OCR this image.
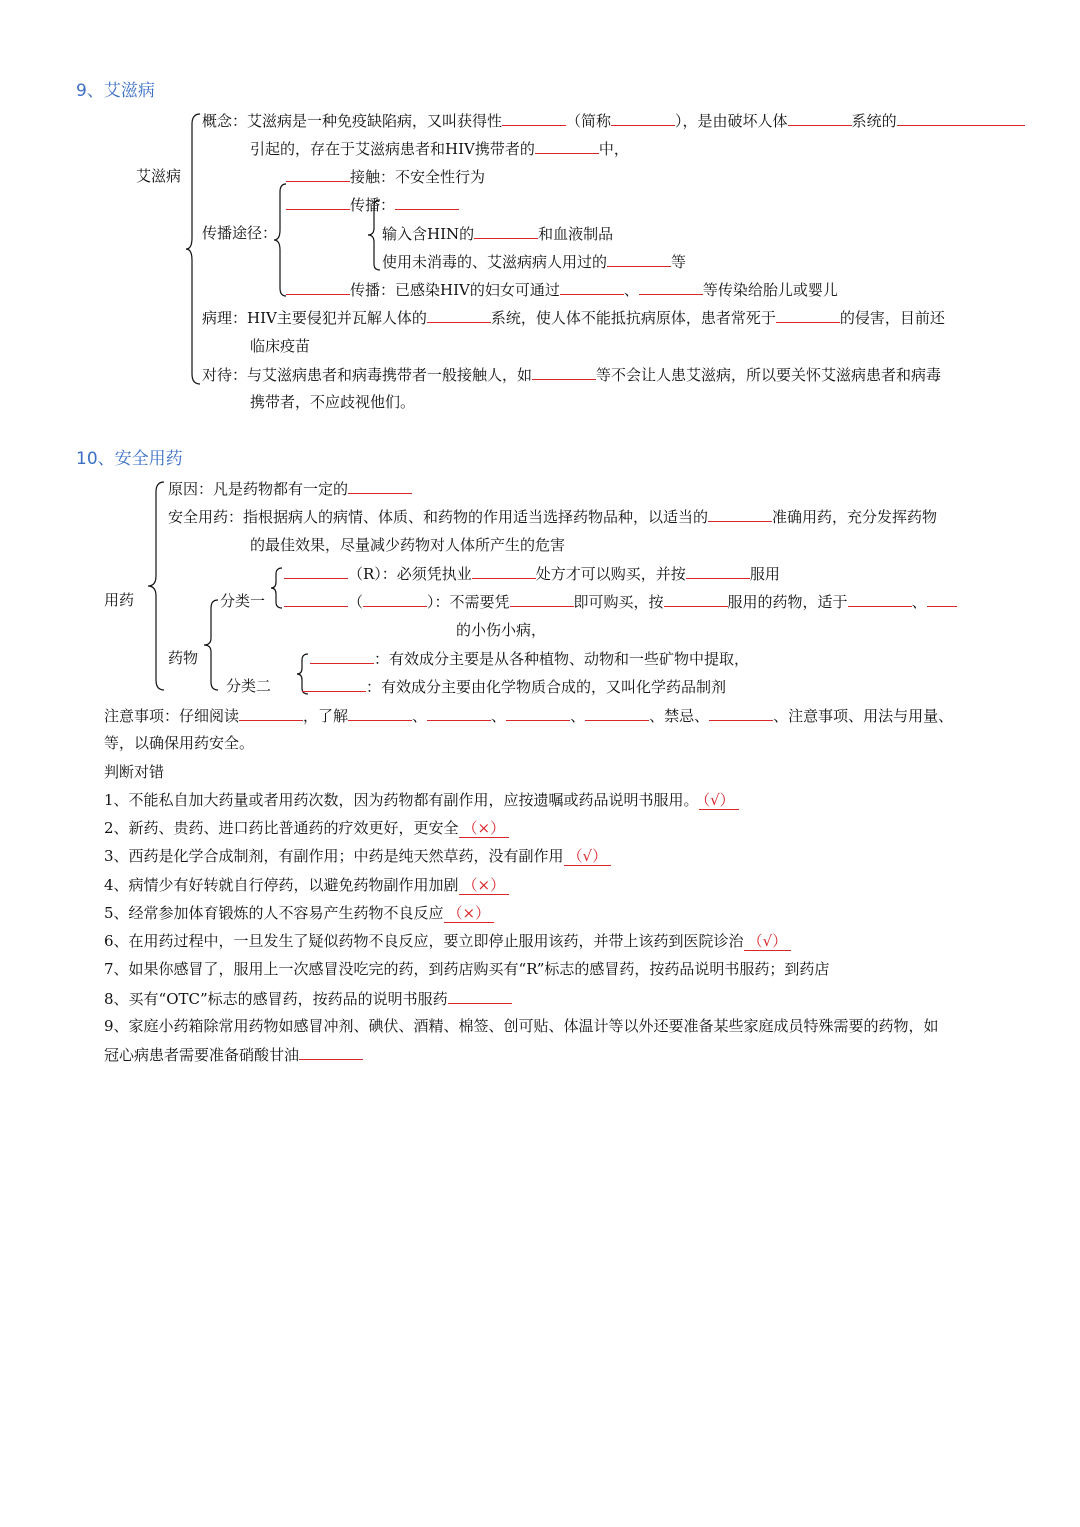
9、艾滋病
艾滋病
概念：艾滋病是一种免疫缺陷病，又叫获得性	（简称	），是由破坏人体	系统的
引起的，存在于艾滋病患者和HIV携带者的	中，
传播途径：
接触：不安全性行为
传播：
输入含HIN的	和血液制品
使用未消毒的、艾滋病病人用过的	等
传播：已感染HIV的妇女可通过	、	等传染给胎儿或婴儿
病理：HIV主要侵犯并瓦解人体的	系统，使人体不能抵抗病原体，患者常死于	的侵害，目前还
临床疫苗
对待：与艾滋病患者和病毒携带者一般接触人，如	等不会让人患艾滋病，所以要关怀艾滋病患者和病毒
携带者，不应歧视他们。
10、安全用药
用药
原因：凡是药物都有一定的
安全用药：指根据病人的病情、体质、和药物的作用适当选择药物品种，以适当的	准确用药，充分发挥药物
的最佳效果，尽量减少药物对人体所产生的危害
药物
分类一
（R）：必须凭执业	处方才可以购买，并按	服用
（	）：不需要凭	即可购买，按	服用的药物，适于	、
的小伤小病，
分类二
：有效成分主要是从各种植物、动物和一些矿物中提取，
：有效成分主要由化学物质合成的，又叫化学药品制剂
注意事项：仔细阅读	，了解	、	、	、	、禁忌、	、注意事项、用法与用量、
等，以确保用药安全。
判断对错
1、不能私自加大药量或者用药次数，因为药物都有副作用，应按遗嘱或药品说明书服用。 （√）
2、新药、贵药、进口药比普通药的疗效更好，更安全 （×）
3、西药是化学合成制剂，有副作用；中药是纯天然草药，没有副作用 （√）
4、病情少有好转就自行停药，以避免药物副作用加剧 （×）
5、经常参加体育锻炼的人不容易产生药物不良反应 （×）
6、在用药过程中，一旦发生了疑似药物不良反应，要立即停止服用该药，并带上该药到医院诊治 （√）
7、如果你感冒了，服用上一次感冒没吃完的药，到药店购买有“R”标志的感冒药，按药品说明书服药；到药店
8、买有“OTC”标志的感冒药，按药品的说明书服药
9、家庭小药箱除常用药物如感冒冲剂、碘伏、酒精、棉签、创可贴、体温计等以外还要准备某些家庭成员特殊需要的药物，如
冠心病患者需要准备硝酸甘油
